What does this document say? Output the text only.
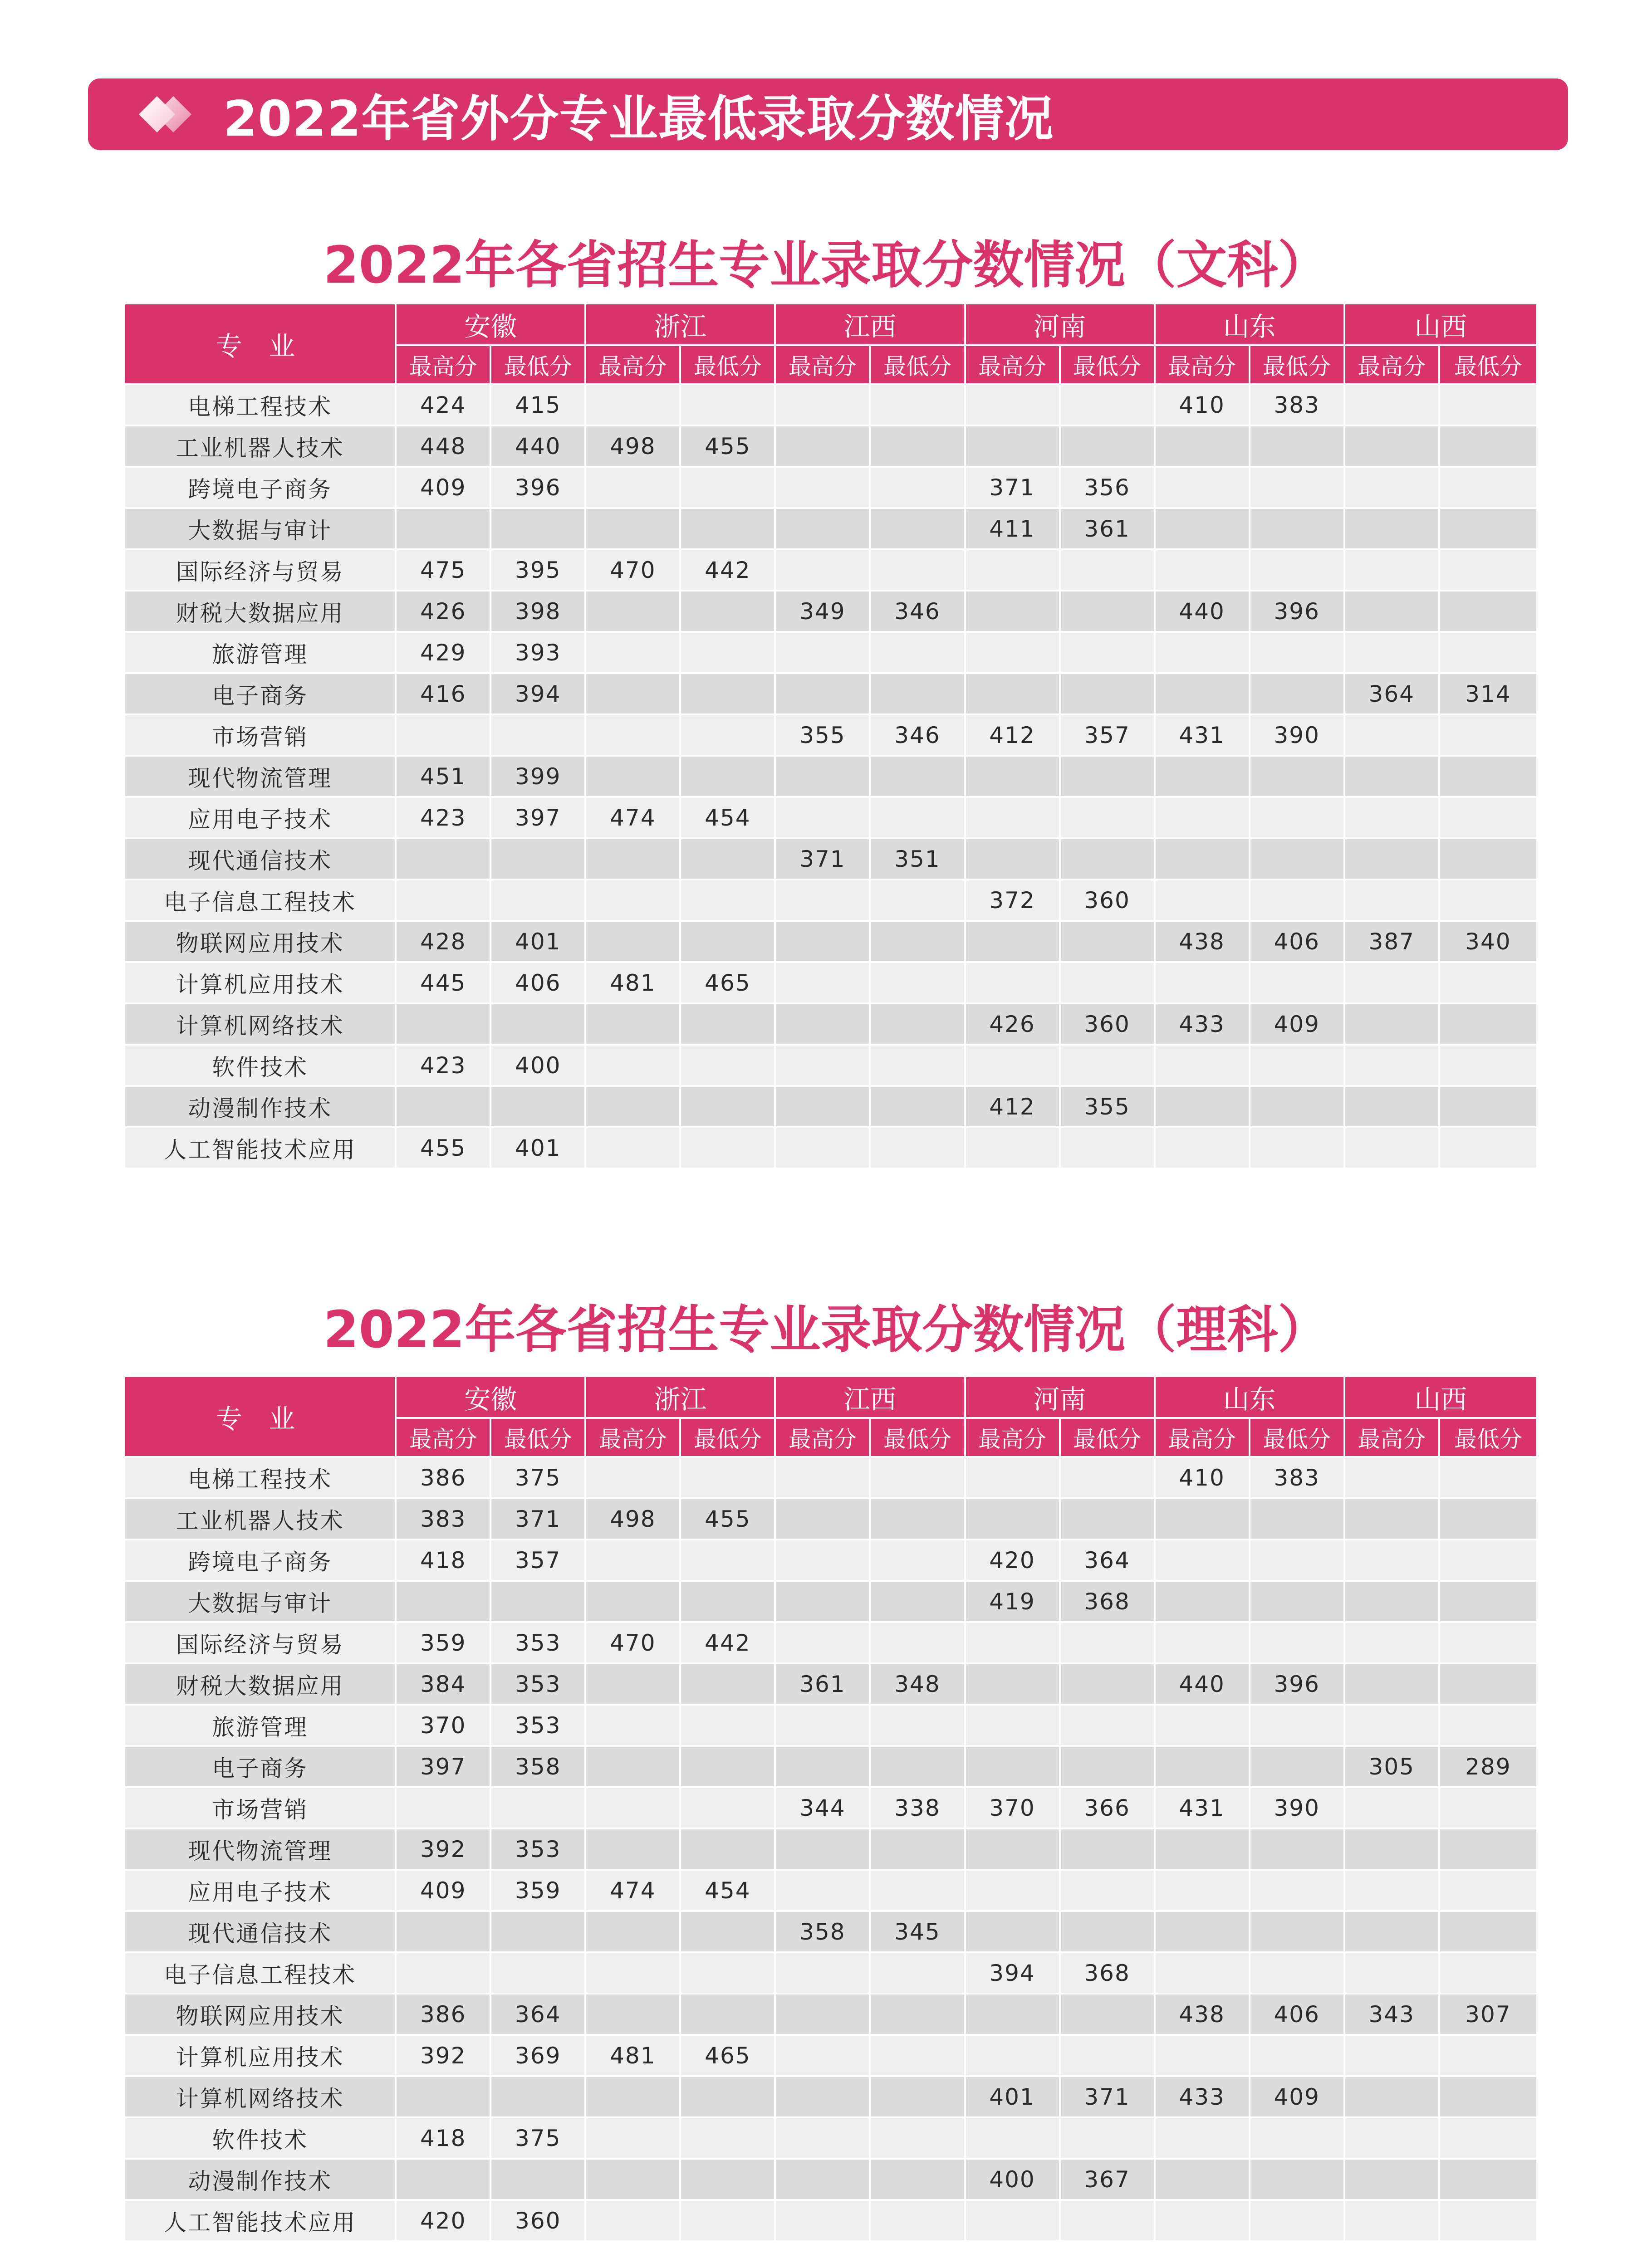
2022年省外分专业最低录取分数情况
2022年各省招生专业录取分数情况（文科）
专 业	安徽		浙江		江西		河南		山东		山西	
	最高分	最低分	最高分	最低分	最高分	最低分	最高分	最低分	最高分	最低分	最高分	最低分
电梯工程技术	424	415							410	383		
工业机器人技术	448	440	498	455								
跨境电子商务	409	396					371	356				
大数据与审计							411	361				
国际经济与贸易	475	395	470	442								
财税大数据应用	426	398			349	346			440	396		
旅游管理	429	393										
电子商务	416	394									364	314
市场营销					355	346	412	357	431	390		
现代物流管理	451	399										
应用电子技术	423	397	474	454								
现代通信技术					371	351						
电子信息工程技术							372	360				
物联网应用技术	428	401							438	406	387	340
计算机应用技术	445	406	481	465								
计算机网络技术							426	360	433	409		
软件技术	423	400										
动漫制作技术							412	355				
人工智能技术应用	455	401										
2022年各省招生专业录取分数情况（理科）
专 业	安徽		浙江		江西		河南		山东		山西	
	最高分	最低分	最高分	最低分	最高分	最低分	最高分	最低分	最高分	最低分	最高分	最低分
电梯工程技术	386	375							410	383		
工业机器人技术	383	371	498	455								
跨境电子商务	418	357					420	364				
大数据与审计							419	368				
国际经济与贸易	359	353	470	442								
财税大数据应用	384	353			361	348			440	396		
旅游管理	370	353										
电子商务	397	358									305	289
市场营销					344	338	370	366	431	390		
现代物流管理	392	353										
应用电子技术	409	359	474	454								
现代通信技术					358	345						
电子信息工程技术							394	368				
物联网应用技术	386	364							438	406	343	307
计算机应用技术	392	369	481	465								
计算机网络技术							401	371	433	409		
软件技术	418	375										
动漫制作技术							400	367				
人工智能技术应用	420	360										
